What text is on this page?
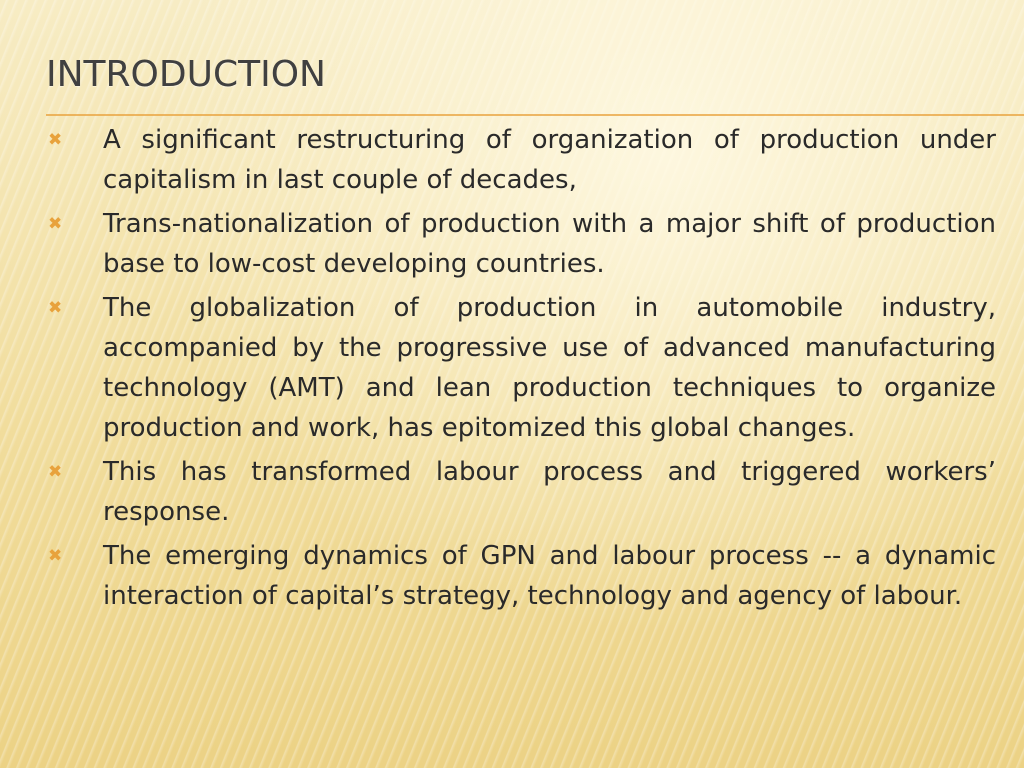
INTRODUCTION
✖ A significant restructuring of organization of production under capitalism in last couple of decades,
✖ Trans-nationalization of production with a major shift of production base to low-cost developing countries.
✖ The globalization of production in automobile industry, accompanied by the progressive use of advanced manufacturing technology (AMT) and lean production techniques to organize production and work, has epitomized this global changes.
✖ This has transformed labour process and triggered workers’ response.
✖ The emerging dynamics of GPN and labour process -- a dynamic interaction of capital’s strategy, technology and agency of labour.
